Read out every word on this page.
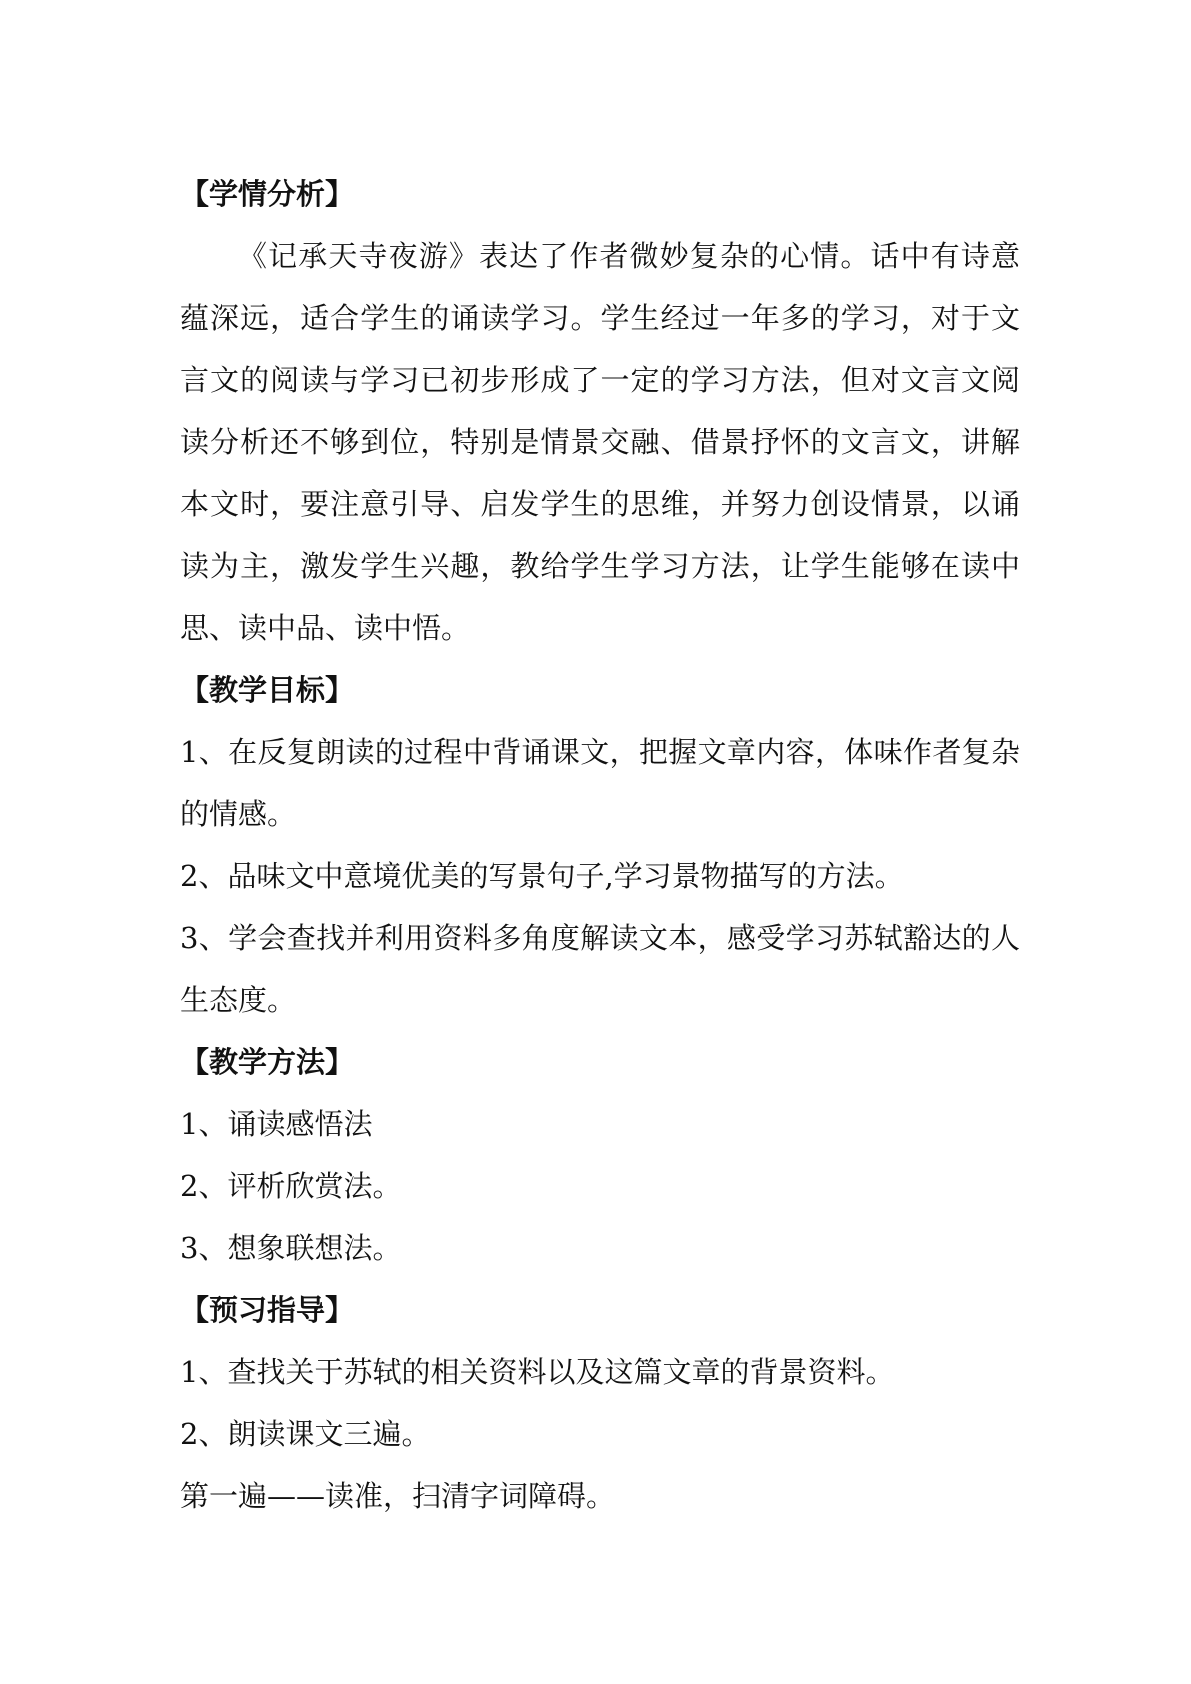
【学情分析】

《记承天寺夜游》表达了作者微妙复杂的心情。话中有诗意蕴深远，适合学生的诵读学习。学生经过一年多的学习，对于文言文的阅读与学习已初步形成了一定的学习方法，但对文言文阅读分析还不够到位，特别是情景交融、借景抒怀的文言文，讲解本文时，要注意引导、启发学生的思维，并努力创设情景，以诵读为主，激发学生兴趣，教给学生学习方法，让学生能够在读中思、读中品、读中悟。

【教学目标】

1、在反复朗读的过程中背诵课文，把握文章内容，体味作者复杂的情感。

2、品味文中意境优美的写景句子,学习景物描写的方法。

3、学会查找并利用资料多角度解读文本，感受学习苏轼豁达的人生态度。

【教学方法】

1、诵读感悟法

2、评析欣赏法。

3、想象联想法。

【预习指导】

1、查找关于苏轼的相关资料以及这篇文章的背景资料。

2、朗读课文三遍。

第一遍——读准，扫清字词障碍。
